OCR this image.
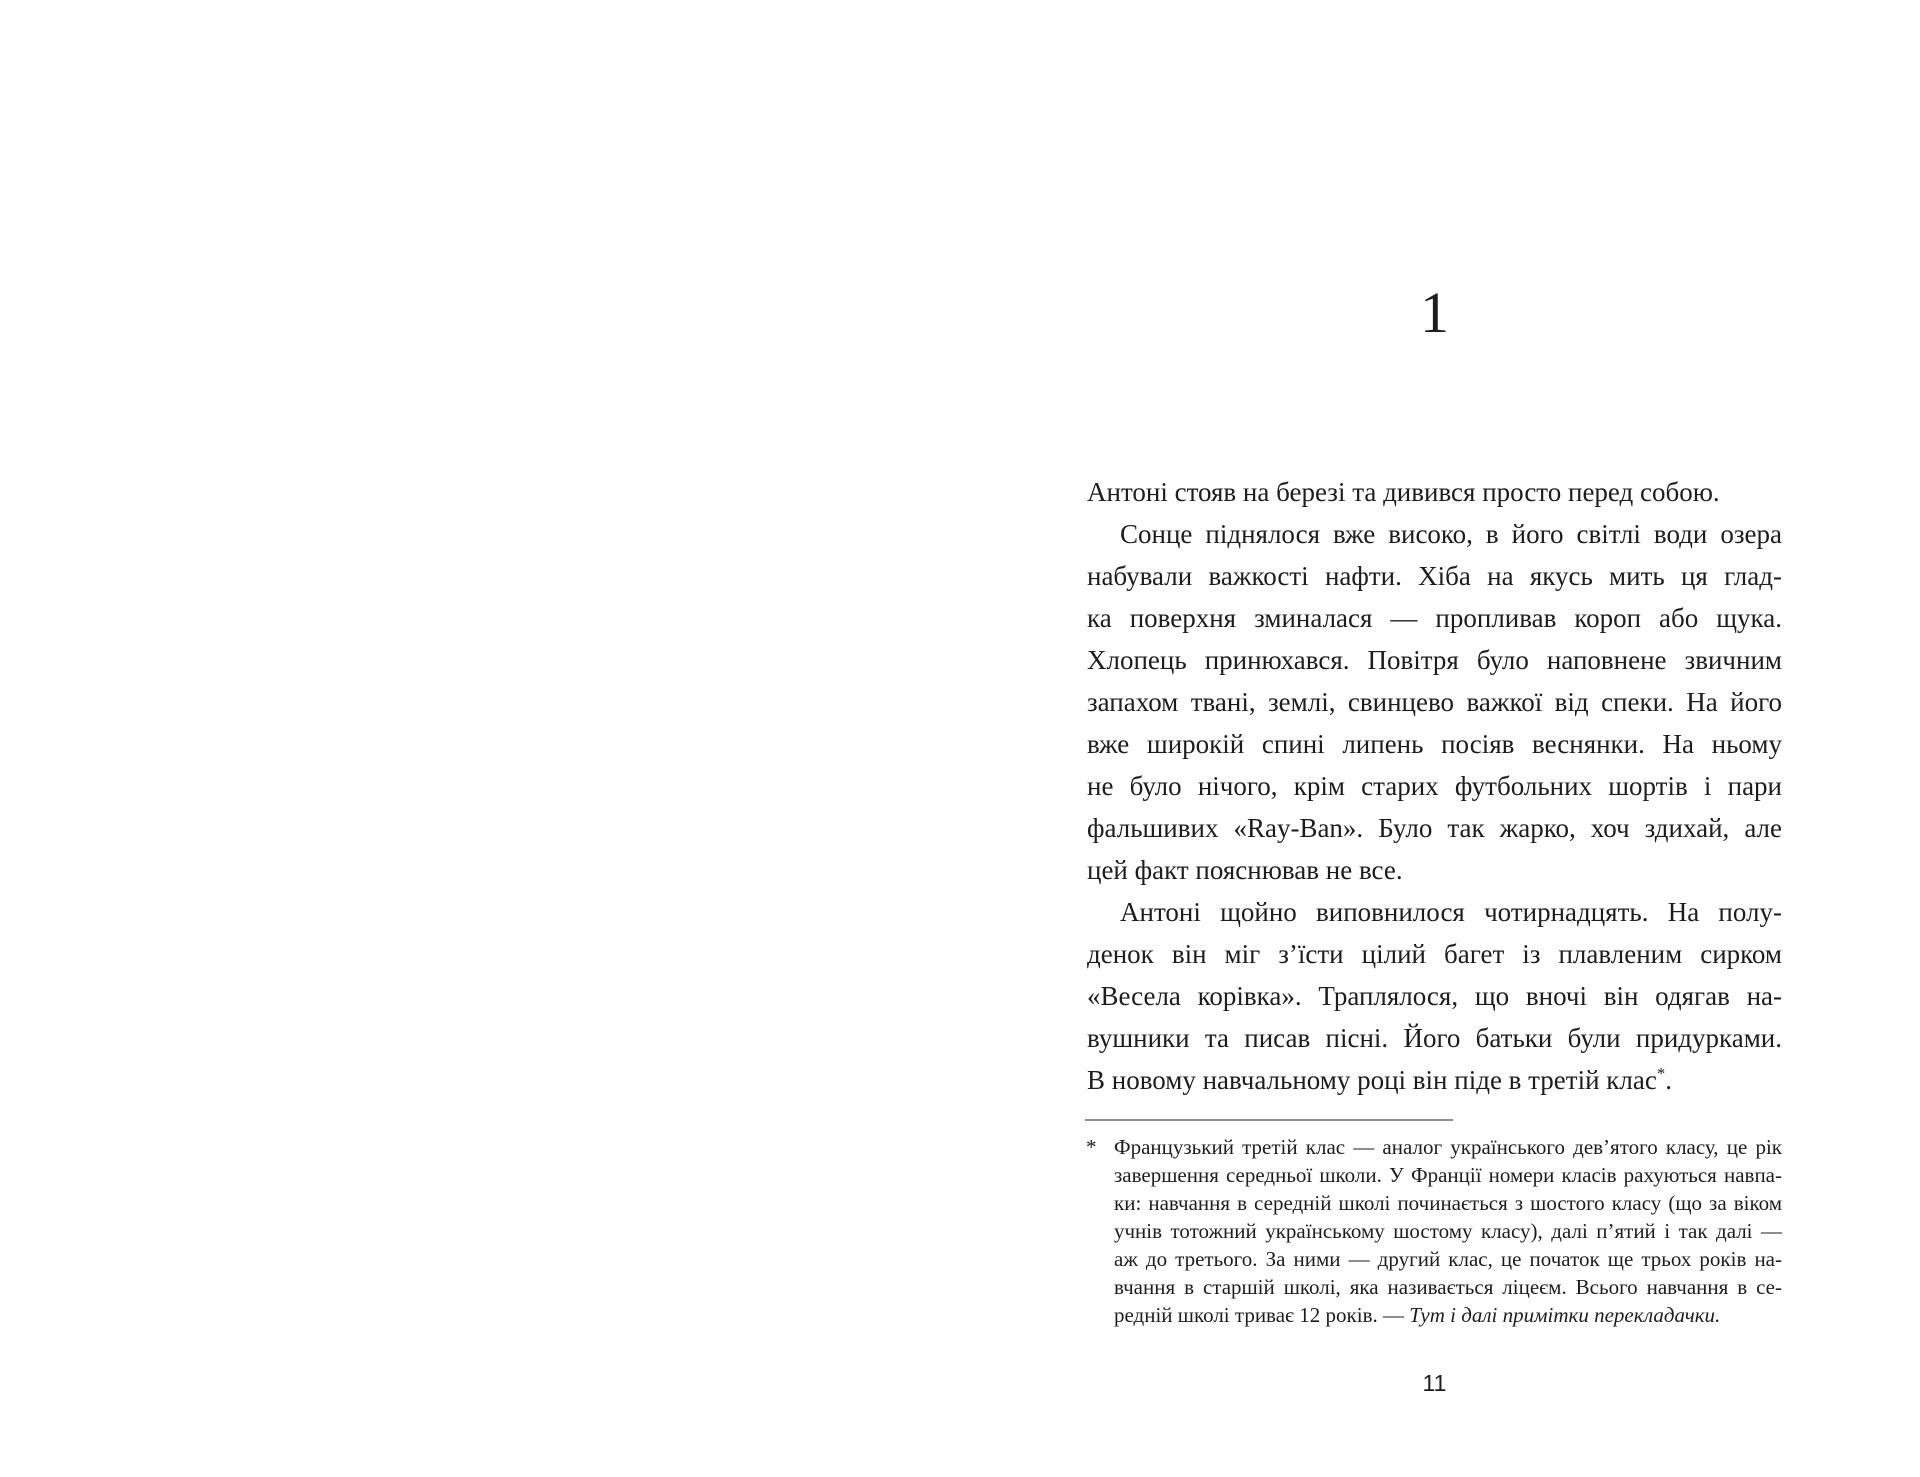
1
Антоні стояв на березі та дивився просто перед собою.
Сонце піднялося вже високо, в його світлі води озера
набували важкості нафти. Хіба на якусь мить ця глад-
ка поверхня зминалася — пропливав короп або щука.
Хлопець принюхався. Повітря було наповнене звичним
запахом твані, землі, свинцево важкої від спеки. На його
вже широкій спині липень посіяв веснянки. На ньому
не було нічого, крім старих футбольних шортів і пари
фальшивих «Ray-Ban». Було так жарко, хоч здихай, але
цей факт пояснював не все.
Антоні щойно виповнилося чотирнадцять. На полу-
денок він міг з’їсти цілий багет із плавленим сирком
«Весела корівка». Траплялося, що вночі він одягав на-
вушники та писав пісні. Його батьки були придурками.
В новому навчальному році він піде в третій клас*.
* Французький третій клас — аналог українського дев’ятого класу, це рік
завершення середньої школи. У Франції номери класів рахуються навпа-
ки: навчання в середній школі починається з шостого класу (що за віком
учнів тотожний українському шостому класу), далі п’ятий і так далі —
аж до третього. За ними — другий клас, це початок ще трьох років на-
вчання в старшій школі, яка називається ліцеєм. Всього навчання в се-
редній школі триває 12 років. — Тут і далі примітки перекладачки.
11
